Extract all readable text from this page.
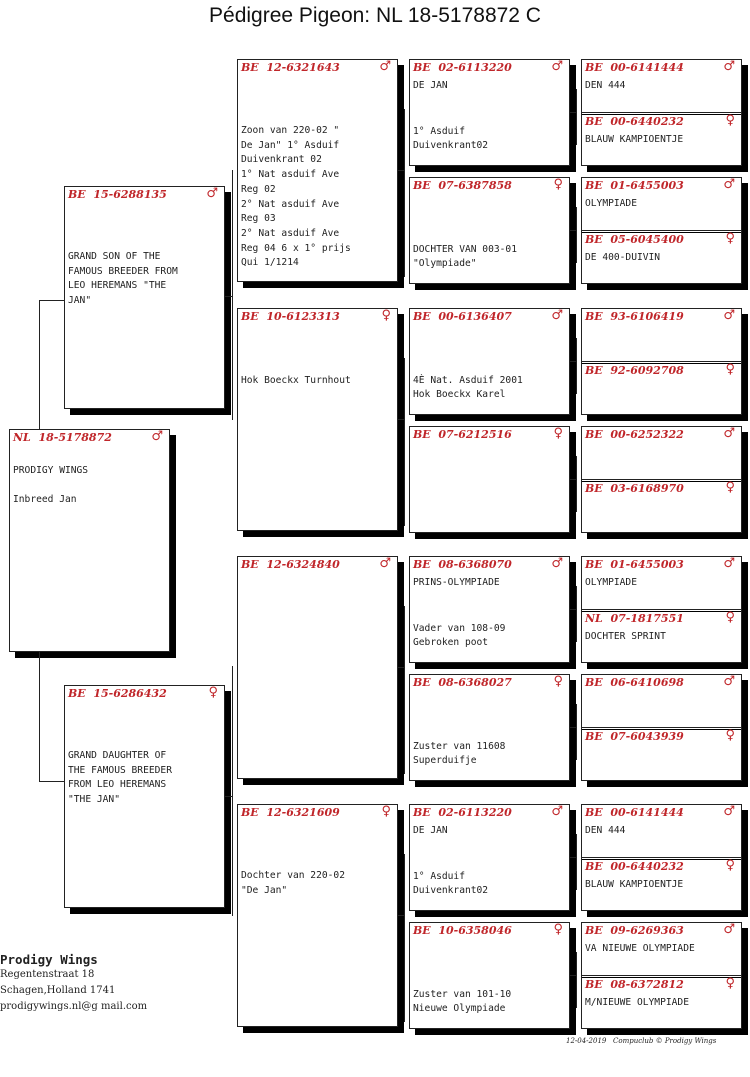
Pédigree Pigeon: NL 18-5178872 C
NL  18-5178872	♂
PRODIGY WINGS
Inbreed Jan
BE  15-6288135	♂
GRAND SON OF THE
FAMOUS BREEDER FROM
LEO HEREMANS "THE
JAN"
BE  15-6286432	♀
GRAND DAUGHTER OF
THE FAMOUS BREEDER
FROM LEO HEREMANS
"THE JAN"
BE  12-6321643	♂
Zoon van 220-02 "
De Jan" 1° Asduif
Duivenkrant 02
1° Nat asduif Ave
Reg 02
2° Nat asduif Ave
Reg 03
2° Nat asduif Ave
Reg 04 6 x 1° prijs
Qui 1/1214
BE  10-6123313	♀
Hok Boeckx Turnhout
BE  12-6324840	♂
BE  12-6321609	♀
Dochter van 220-02
"De Jan"
BE  02-6113220	♂
DE JAN
1° Asduif
Duivenkrant02
BE  07-6387858	♀
DOCHTER VAN 003-01
"Olympiade"
BE  00-6136407	♂
4È Nat. Asduif 2001
Hok Boeckx Karel
BE  07-6212516	♀
BE  08-6368070	♂
PRINS-OLYMPIADE
Vader van 108-09
Gebroken poot
BE  08-6368027	♀
Zuster van 11608
Superduifje
BE  02-6113220	♂
DE JAN
1° Asduif
Duivenkrant02
BE  10-6358046	♀
Zuster van 101-10
Nieuwe Olympiade
BE  00-6141444	♂
DEN 444
BE  00-6440232	♀
BLAUW KAMPIOENTJE
BE  01-6455003	♂
OLYMPIADE
BE  05-6045400	♀
DE 400-DUIVIN
BE  93-6106419	♂
BE  92-6092708	♀
BE  00-6252322	♂
BE  03-6168970	♀
BE  01-6455003	♂
OLYMPIADE
NL  07-1817551	♀
DOCHTER SPRINT
BE  06-6410698	♂
BE  07-6043939	♀
BE  00-6141444	♂
DEN 444
BE  00-6440232	♀
BLAUW KAMPIOENTJE
BE  09-6269363	♂
VA NIEUWE OLYMPIADE
BE  08-6372812	♀
M/NIEUWE OLYMPIADE
Prodigy Wings
Regentenstraat 18
Schagen,Holland 1741
prodigywings.nl@g mail.com
12-04-2019   Compuclub © Prodigy Wings
